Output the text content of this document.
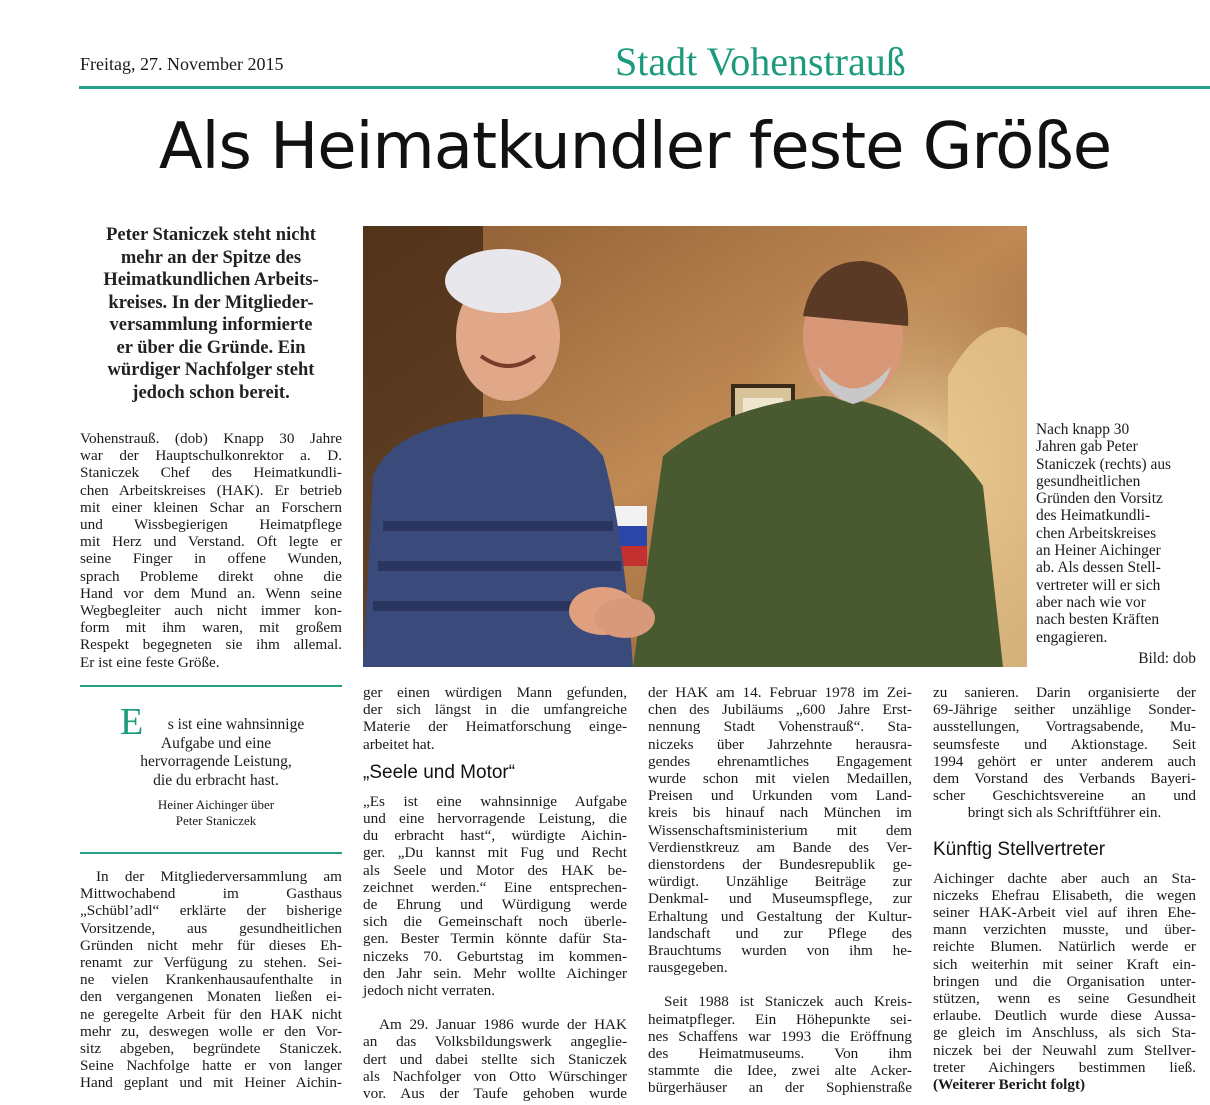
Freitag, 27. November 2015	Stadt Vohenstrauß
Als Heimatkundler feste Größe
Peter Staniczek steht nicht
mehr an der Spitze des
Heimatkundlichen Arbeits-
kreises. In der Mitglieder-
versammlung informierte
er über die Gründe. Ein
würdiger Nachfolger steht
jedoch schon bereit.
Vohenstrauß. (dob) Knapp 30 Jahre
war der Hauptschulkonrektor a. D.
Staniczek Chef des Heimatkundli-
chen Arbeitskreises (HAK). Er betrieb
mit einer kleinen Schar an Forschern
und Wissbegierigen Heimatpflege
mit Herz und Verstand. Oft legte er
seine Finger in offene Wunden,
sprach Probleme direkt ohne die
Hand vor dem Mund an. Wenn seine
Wegbegleiter auch nicht immer kon-
form mit ihm waren, mit großem
Respekt begegneten sie ihm allemal.
Er ist eine feste Größe.
E	s ist eine wahnsinnige
Aufgabe und eine
hervorragende Leistung,
die du erbracht hast.
Heiner Aichinger über
Peter Staniczek
In der Mitgliederversammlung am
Mittwochabend im Gasthaus
„Schübl’adl“ erklärte der bisherige
Vorsitzende, aus gesundheitlichen
Gründen nicht mehr für dieses Eh-
renamt zur Verfügung zu stehen. Sei-
ne vielen Krankenhausaufenthalte in
den vergangenen Monaten ließen ei-
ne geregelte Arbeit für den HAK nicht
mehr zu, deswegen wolle er den Vor-
sitz abgeben, begründete Staniczek.
Seine Nachfolge hatte er von langer
Hand geplant und mit Heiner Aichin-
Nach knapp 30
Jahren gab Peter
Staniczek (rechts) aus
gesundheitlichen
Gründen den Vorsitz
des Heimatkundli-
chen Arbeitskreises
an Heiner Aichinger
ab. Als dessen Stell-
vertreter will er sich
aber nach wie vor
nach besten Kräften
engagieren.
Bild: dob
ger einen würdigen Mann gefunden,
der sich längst in die umfangreiche
Materie der Heimatforschung einge-
arbeitet hat.
„Seele und Motor“
„Es ist eine wahnsinnige Aufgabe
und eine hervorragende Leistung, die
du erbracht hast“, würdigte Aichin-
ger. „Du kannst mit Fug und Recht
als Seele und Motor des HAK be-
zeichnet werden.“ Eine entsprechen-
de Ehrung und Würdigung werde
sich die Gemeinschaft noch überle-
gen. Bester Termin könnte dafür Sta-
niczeks 70. Geburtstag im kommen-
den Jahr sein. Mehr wollte Aichinger
jedoch nicht verraten.
Am 29. Januar 1986 wurde der HAK
an das Volksbildungswerk angeglie-
dert und dabei stellte sich Staniczek
als Nachfolger von Otto Würschinger
vor. Aus der Taufe gehoben wurde
der HAK am 14. Februar 1978 im Zei-
chen des Jubiläums „600 Jahre Erst-
nennung Stadt Vohenstrauß“. Sta-
niczeks über Jahrzehnte herausra-
gendes ehrenamtliches Engagement
wurde schon mit vielen Medaillen,
Preisen und Urkunden vom Land-
kreis bis hinauf nach München im
Wissenschaftsministerium mit dem
Verdienstkreuz am Bande des Ver-
dienstordens der Bundesrepublik ge-
würdigt. Unzählige Beiträge zur
Denkmal- und Museumspflege, zur
Erhaltung und Gestaltung der Kultur-
landschaft und zur Pflege des
Brauchtums wurden von ihm he-
rausgegeben.
Seit 1988 ist Staniczek auch Kreis-
heimatpfleger. Ein Höhepunkte sei-
nes Schaffens war 1993 die Eröffnung
des Heimatmuseums. Von ihm
stammte die Idee, zwei alte Acker-
bürgerhäuser an der Sophienstraße
zu sanieren. Darin organisierte der
69-Jährige seither unzählige Sonder-
ausstellungen, Vortragsabende, Mu-
seumsfeste und Aktionstage. Seit
1994 gehört er unter anderem auch
dem Vorstand des Verbands Bayeri-
scher Geschichtsvereine an und
bringt sich als Schriftführer ein.
Künftig Stellvertreter
Aichinger dachte aber auch an Sta-
niczeks Ehefrau Elisabeth, die wegen
seiner HAK-Arbeit viel auf ihren Ehe-
mann verzichten musste, und über-
reichte Blumen. Natürlich werde er
sich weiterhin mit seiner Kraft ein-
bringen und die Organisation unter-
stützen, wenn es seine Gesundheit
erlaube. Deutlich wurde diese Aussa-
ge gleich im Anschluss, als sich Sta-
niczek bei der Neuwahl zum Stellver-
treter Aichingers bestimmen ließ.
(Weiterer Bericht folgt)
